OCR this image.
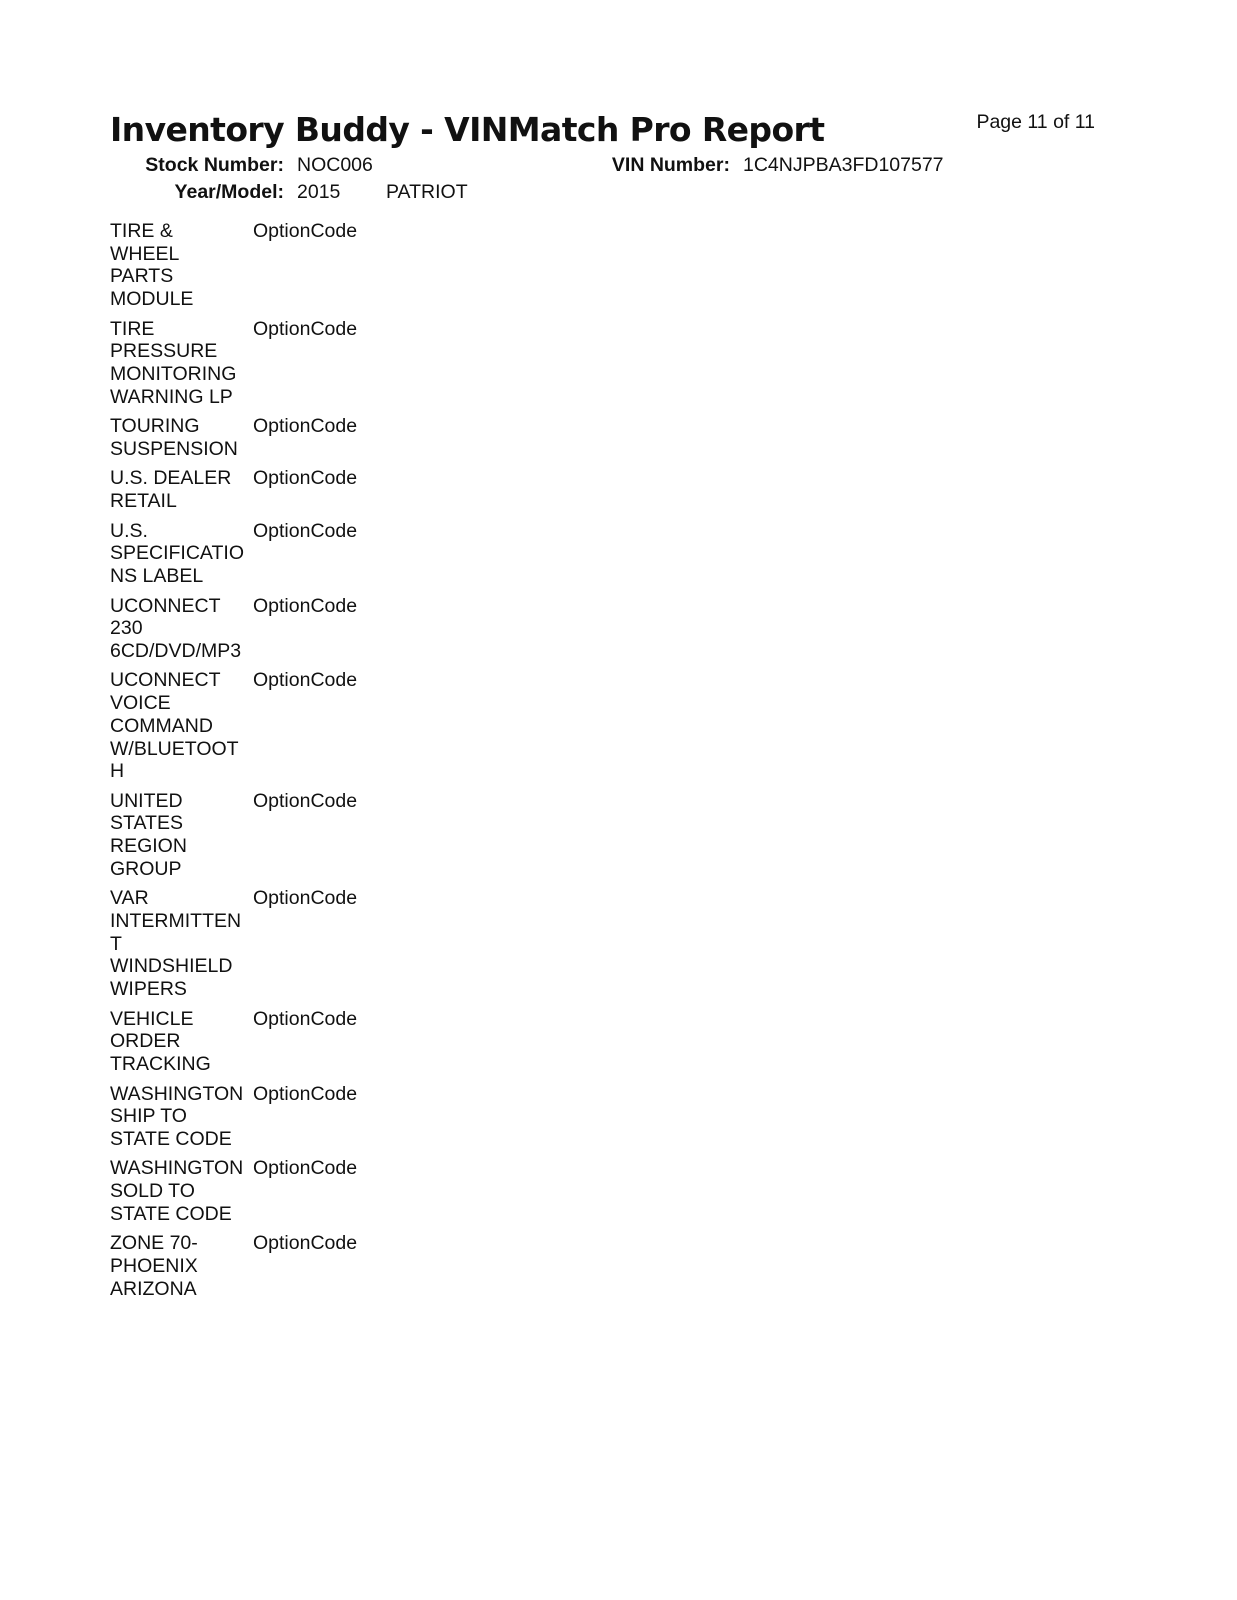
Inventory Buddy - VINMatch Pro Report	Page 11 of 11
Stock Number: NOC006
Year/Model: 2015 PATRIOT
VIN Number: 1C4NJPBA3FD107577
TIRE &
WHEEL
PARTS
MODULE
OptionCode
TIRE
PRESSURE
MONITORING
WARNING LP
OptionCode
TOURING
SUSPENSION
OptionCode
U.S. DEALER
RETAIL
OptionCode
U.S.
SPECIFICATIO
NS LABEL
OptionCode
UCONNECT
230
6CD/DVD/MP3
OptionCode
UCONNECT
VOICE
COMMAND
W/BLUETOOT
H
OptionCode
UNITED
STATES
REGION
GROUP
OptionCode
VAR
INTERMITTEN
T
WINDSHIELD
WIPERS
OptionCode
VEHICLE
ORDER
TRACKING
OptionCode
WASHINGTON
SHIP TO
STATE CODE
OptionCode
WASHINGTON
SOLD TO
STATE CODE
OptionCode
ZONE 70-
PHOENIX
ARIZONA
OptionCode
